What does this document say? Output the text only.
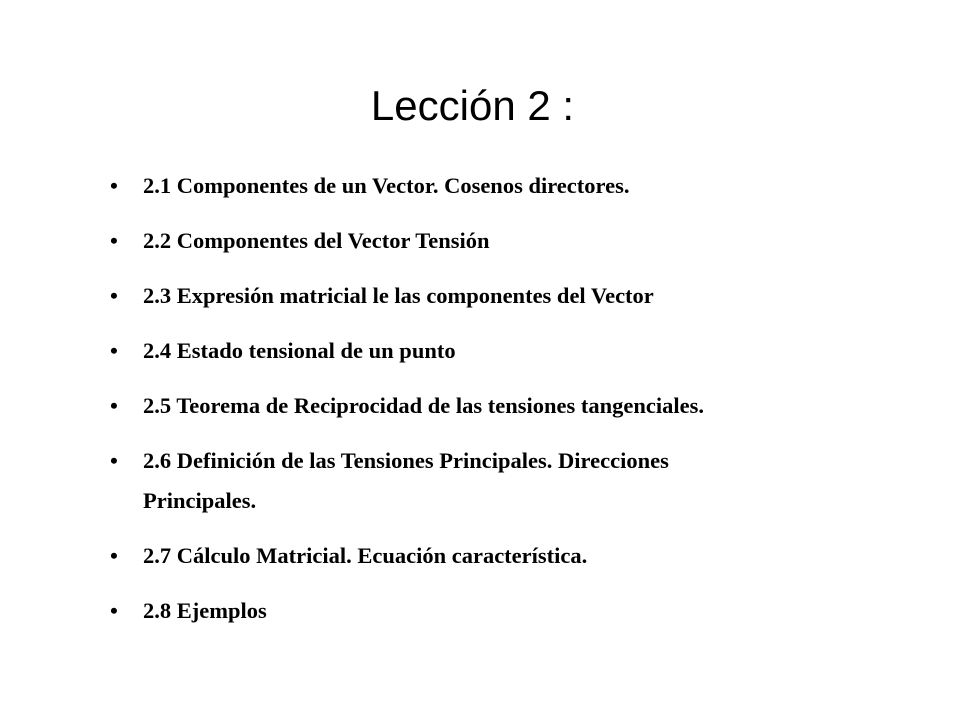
Lección 2 :
• 2.1 Componentes de un Vector. Cosenos directores.
• 2.2 Componentes del Vector Tensión
• 2.3 Expresión matricial le las componentes del Vector
• 2.4 Estado tensional de un punto
• 2.5 Teorema de Reciprocidad de las tensiones tangenciales.
• 2.6 Definición de las Tensiones Principales. Direcciones Principales.
• 2.7 Cálculo Matricial. Ecuación característica.
• 2.8 Ejemplos
